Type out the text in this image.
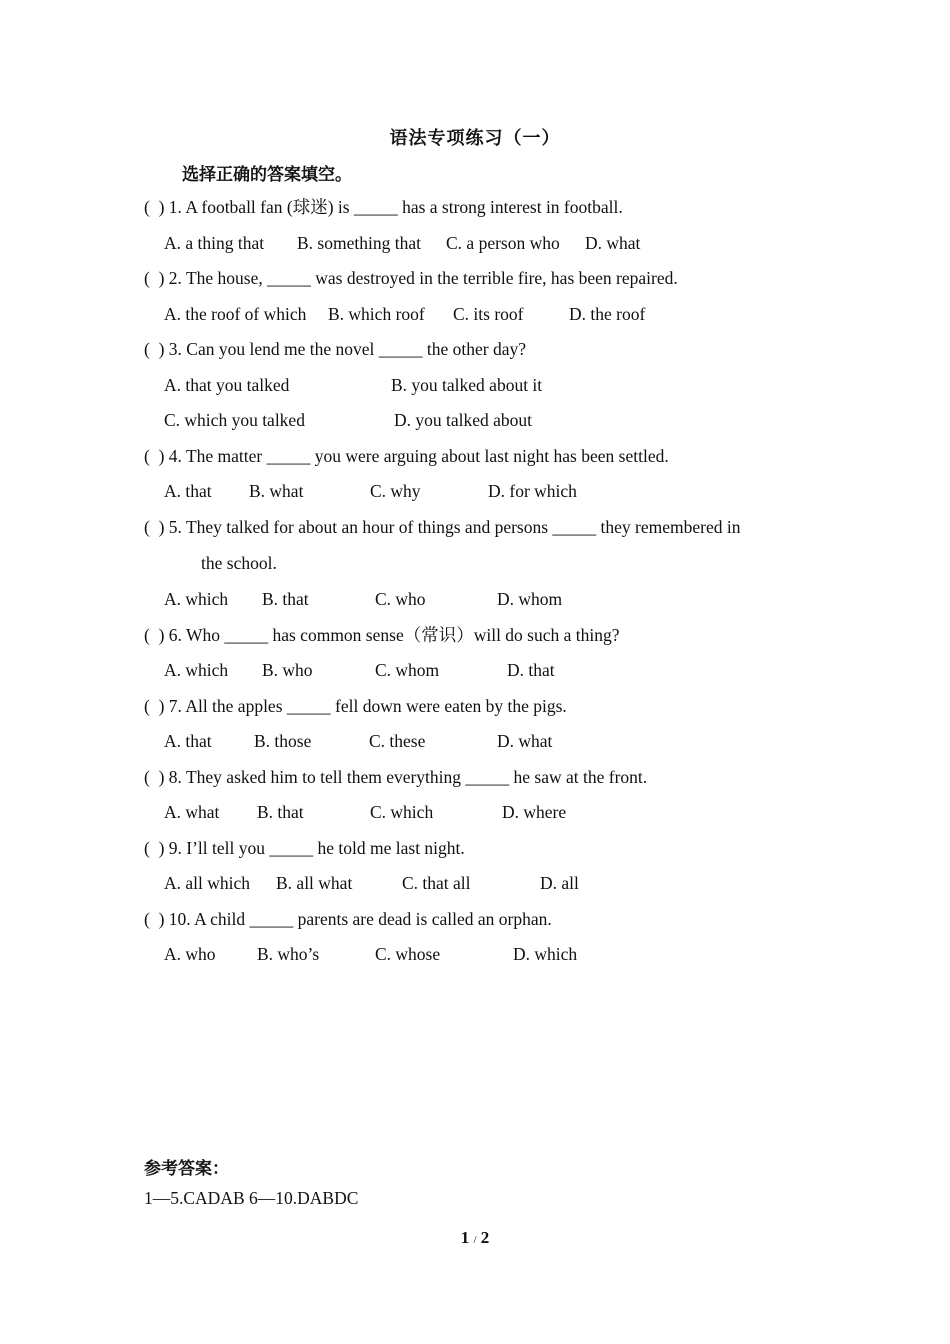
语法专项练习（一）
选择正确的答案填空。
(  ) 1. A football fan (球迷) is _____ has a strong interest in football.

A. a thing that

B. something that

C. a person who

D. what

(  ) 2. The house, _____ was destroyed in the terrible fire, has been repaired.

A. the roof of which

B. which roof

C. its roof

	D. the roof

(  ) 3. Can you lend me the novel _____ the other day?

A. that you talked

	B. you talked about it

C. which you talked

	D. you talked about

(  ) 4. The matter _____ you were arguing about last night has been settled.

A. that

B. what

	C. why

	D. for which

(  ) 5. They talked for about an hour of things and persons _____ they remembered in
the school.

A. which

B. that

	C. who

	D. whom

(  ) 6. Who _____ has common sense（常识）will do such a thing?

A. which

B. who

	C. whom

	D. that

(  ) 7. All the apples _____ fell down were eaten by the pigs.

A. that

B. those

	C. these

	D. what

(  ) 8. They asked him to tell them everything _____ he saw at the front.

A. what

B. that

	C. which

	D. where

(  ) 9. I’ll tell you _____ he told me last night.

A. all which

B. all what

	C. that all

	D. all

(  ) 10. A child _____ parents are dead is called an orphan.

A. who

B. who’s

	C. whose

	D. which

参考答案：
1—5.CADAB 6—10.DABDC
1 / 2
